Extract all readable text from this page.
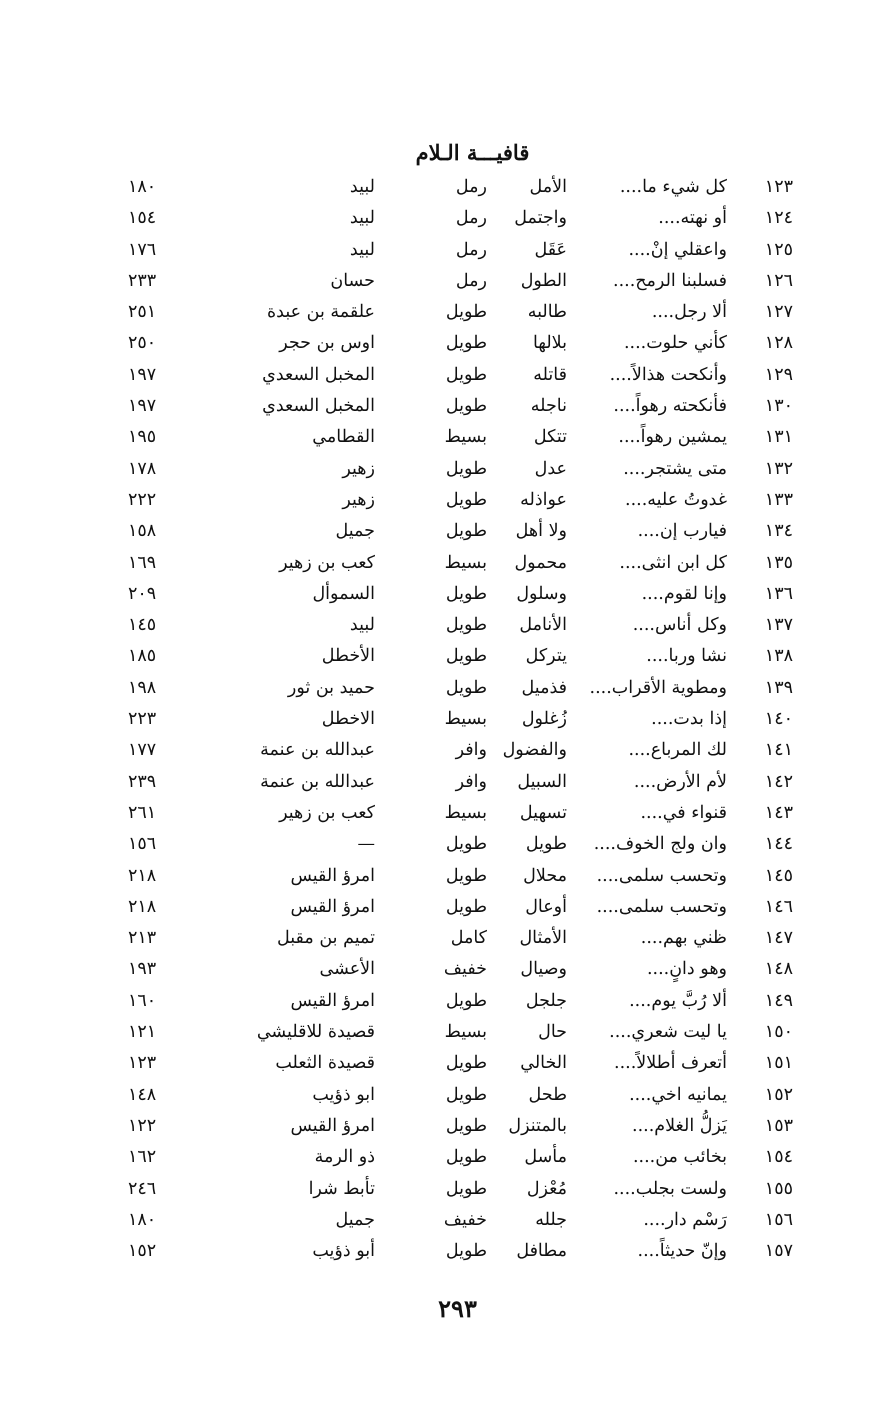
قافيـــة الـلام
١٢٣
كل شيء ما....
الأمل
رمل
لبيد
١٨٠
١٢٤
أو نهته....
واجتمل
رمل
لبيد
١٥٤
١٢٥
واعقلي إنْ....
عَقَل
رمل
لبيد
١٧٦
١٢٦
فسلبنا الرمح....
الطول
رمل
حسان
٢٣٣
١٢٧
ألا رجل....
طالبه
طويل
علقمة بن عبدة
٢٥١
١٢٨
كأني حلوت....
بلالها
طويل
اوس بن حجر
٢٥٠
١٢٩
وأنكحت هذالاً....
قاتله
طويل
المخبل السعدي
١٩٧
١٣٠
فأنكحته رهواً....
ناجله
طويل
المخبل السعدي
١٩٧
١٣١
يمشين رهواً....
تتكل
بسيط
القطامي
١٩٥
١٣٢
متى يشتجر....
عدل
طويل
زهير
١٧٨
١٣٣
غدوتُ عليه....
عواذله
طويل
زهير
٢٢٢
١٣٤
فيارب إن....
ولا أهل
طويل
جميل
١٥٨
١٣٥
كل ابن انثى....
محمول
بسيط
كعب بن زهير
١٦٩
١٣٦
وإنا لقوم....
وسلول
طويل
السموأل
٢٠٩
١٣٧
وكل أناس....
الأنامل
طويل
لبيد
١٤٥
١٣٨
نشا وربا....
يتركل
طويل
الأخطل
١٨٥
١٣٩
ومطوية الأقراب....
فذميل
طويل
حميد بن ثور
١٩٨
١٤٠
إذا بدت....
زُغلول
بسيط
الاخطل
٢٢٣
١٤١
لك المرباع....
والفضول
وافر
عبدالله بن عنمة
١٧٧
١٤٢
لأم الأرض....
السبيل
وافر
عبدالله بن عنمة
٢٣٩
١٤٣
قنواء في....
تسهيل
بسيط
كعب بن زهير
٢٦١
١٤٤
وان ولج الخوف....
طويل
طويل
—
١٥٦
١٤٥
وتحسب سلمى....
محلال
طويل
امرؤ القيس
٢١٨
١٤٦
وتحسب سلمى....
أوعال
طويل
امرؤ القيس
٢١٨
١٤٧
ظني بهم....
الأمثال
كامل
تميم بن مقبل
٢١٣
١٤٨
وهو دانٍ....
وصيال
خفيف
الأعشى
١٩٣
١٤٩
ألا رُبَّ يوم....
جلجل
طويل
امرؤ القيس
١٦٠
١٥٠
يا ليت شعري....
حال
بسيط
قصيدة للاقليشي
١٢١
١٥١
أتعرف أطلالاً....
الخالي
طويل
قصيدة الثعلب
١٢٣
١٥٢
يمانيه اخي....
طحل
طويل
ابو ذؤيب
١٤٨
١٥٣
يَزلُّ الغلام....
بالمتنزل
طويل
امرؤ القيس
١٢٢
١٥٤
بخائب من....
مأسل
طويل
ذو الرمة
١٦٢
١٥٥
ولست بجلب....
مُعْزل
طويل
تأبط شرا
٢٤٦
١٥٦
رَسْم دار....
جلله
خفيف
جميل
١٨٠
١٥٧
وإنّ حديثاً....
مطافل
طويل
أبو ذؤيب
١٥٢
٢٩٣
